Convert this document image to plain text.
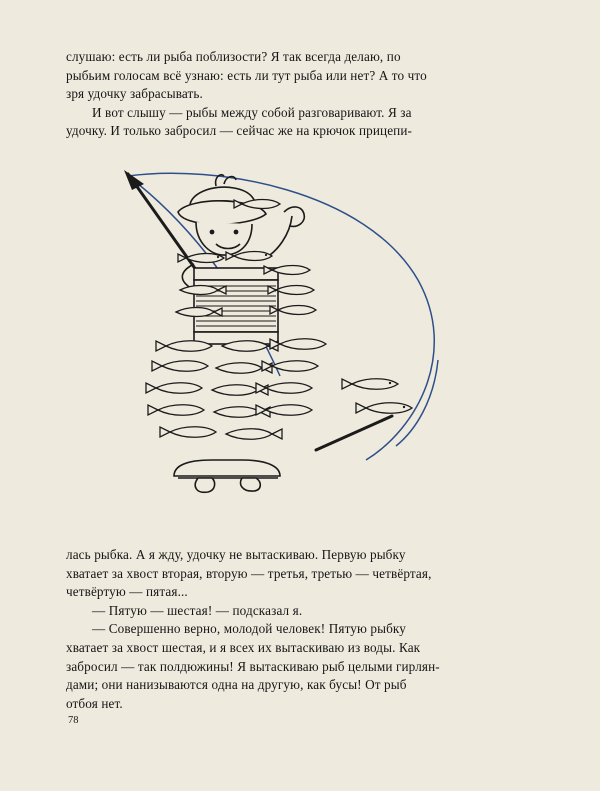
слушаю: есть ли рыба поблизости? Я так всегда делаю, по
рыбьим голосам всё узнаю: есть ли тут рыба или нет? А то что
зря удочку забрасывать.

И вот слышу — рыбы между собой разговаривают. Я за
удочку. И только забросил — сейчас же на крючок прицепи-

лась рыбка. А я жду, удочку не вытаскиваю. Первую рыбку
хватает за хвост вторая, вторую — третья, третью — четвёртая,
четвёртую — пятая...

— Пятую — шестая! — подсказал я.

— Совершенно верно, молодой человек! Пятую рыбку
хватает за хвост шестая, и я всех их вытаскиваю из воды. Как
забросил — так полдюжины! Я вытаскиваю рыб целыми гирлян-
дами; они нанизываются одна на другую, как бусы! От рыб
отбоя нет.

78
